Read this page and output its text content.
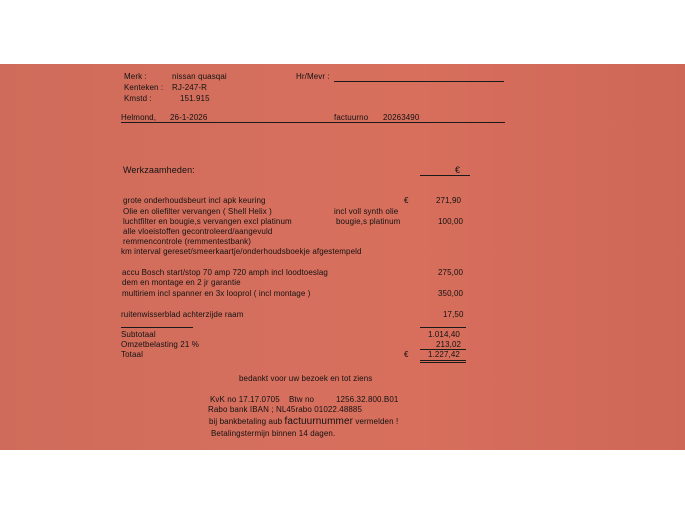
Merk :	nissan quasqai	Hr/Mevr :
Kenteken : RJ-247-R
Kmstd :	151.915
Helmond, 26-1-2026	factuurno 20263490
Werkzaamheden:	€
grote onderhoudsbeurt incl apk keuring	€	271,90
Olie en oliefilter vervangen ( Shell Helix )	incl voll synth olie
luchtfilter en bougie,s vervangen excl platinum	bougie,s platinum	100,00
alle vloeistoffen gecontroleerd/aangevuld
remmencontrole (remmentestbank)
km interval gereset/smeerkaartje/onderhoudsboekje afgestempeld
accu Bosch start/stop 70 amp 720 amph incl loodtoeslag	275,00
dem en montage en 2 jr garantie
multiriem incl spanner en 3x looprol ( incl montage )	350,00
ruitenwisserblad achterzijde raam	17,50
Subtotaal	1.014,40
Omzetbelasting 21 %	213,02
Totaal	€ 1.227,42
bedankt voor uw bezoek en tot ziens
KvK no 17.17.0705 Btw no	1256.32.800.B01
Rabo bank IBAN ; NL45rabo 01022.48885
bij bankbetaling aub factuurnummer vermelden !
Betalingstermijn binnen 14 dagen.
